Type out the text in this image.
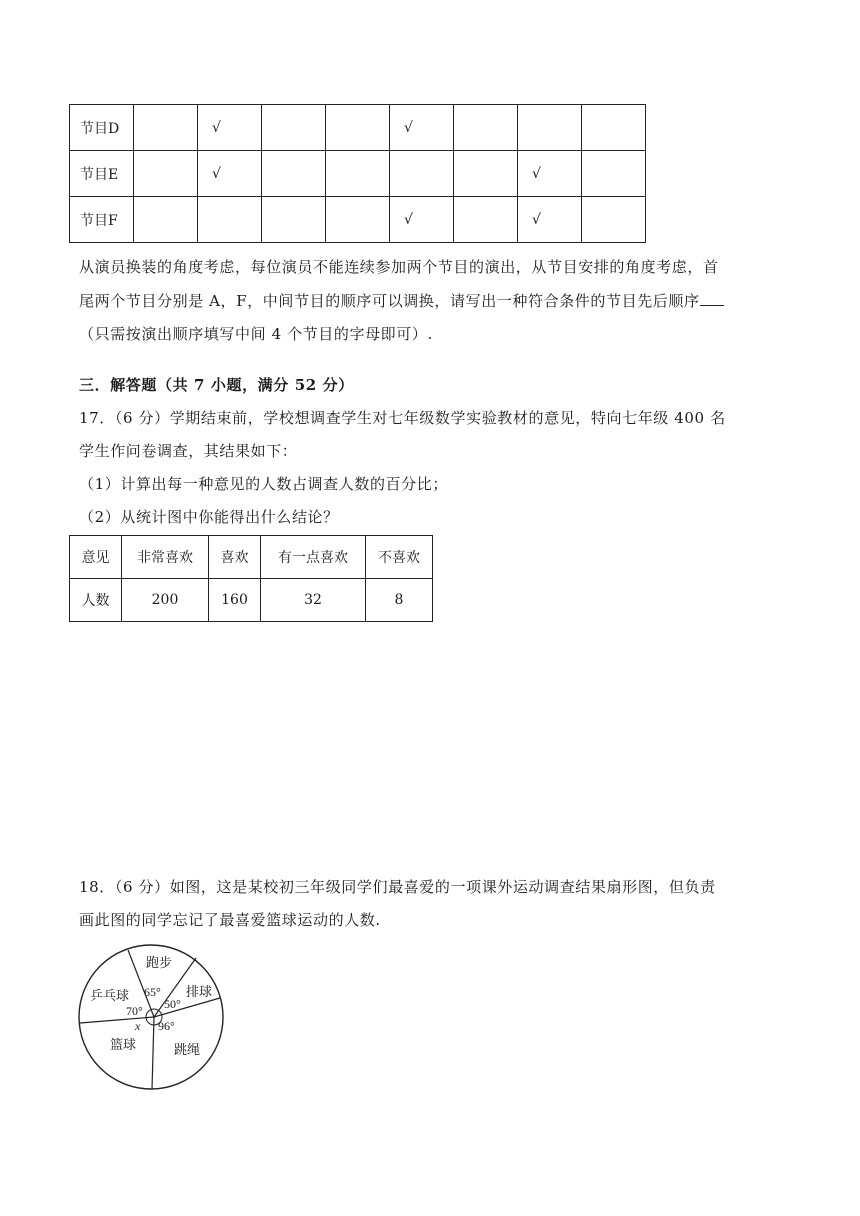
节目D		√			√			
节目E		√					√	
节目F					√		√	
从演员换装的角度考虑，每位演员不能连续参加两个节目的演出，从节目安排的角度考虑，首
尾两个节目分别是 A，F，中间节目的顺序可以调换，请写出一种符合条件的节目先后顺序
（只需按演出顺序填写中间 4 个节目的字母即可）.
三．解答题（共 7 小题，满分 52 分）
17．（6 分）学期结束前，学校想调查学生对七年级数学实验教材的意见，特向七年级 400 名
学生作问卷调查，其结果如下：
（1）计算出每一种意见的人数占调查人数的百分比；
（2）从统计图中你能得出什么结论？
意见	非常喜欢	喜欢	有一点喜欢	不喜欢
人数	200	160	32	8
18．（6 分）如图，这是某校初三年级同学们最喜爱的一项课外运动调查结果扇形图，但负责
画此图的同学忘记了最喜爱篮球运动的人数.
跑步
乒乓球	排球
篮球	跳绳
65°
50°
70°
96°
x
